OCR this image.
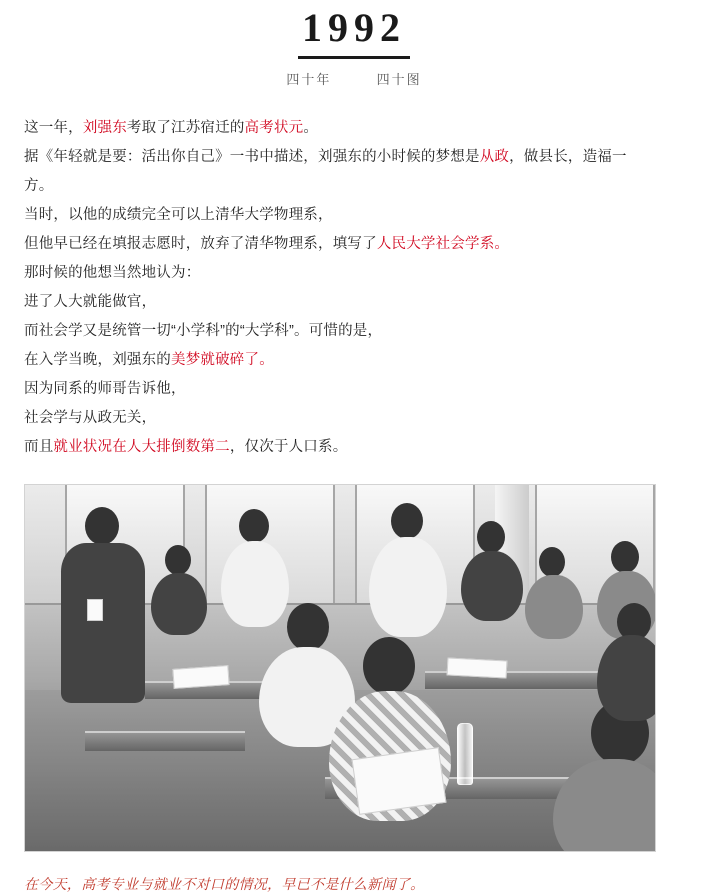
1992
四十年	四十图
这一年，刘强东考取了江苏宿迁的高考状元。
据《年轻就是要：活出你自己》一书中描述，刘强东的小时候的梦想是从政，做县长，造福一
方。
当时，以他的成绩完全可以上清华大学物理系，
但他早已经在填报志愿时，放弃了清华物理系，填写了人民大学社会学系。
那时候的他想当然地认为：
进了人大就能做官，
而社会学又是统管一切“小学科”的“大学科”。可惜的是，
在入学当晚，刘强东的美梦就破碎了。
因为同系的师哥告诉他，
社会学与从政无关，
而且就业状况在人大排倒数第二，仅次于人口系。
在今天，高考专业与就业不对口的情况，早已不是什么新闻了。
